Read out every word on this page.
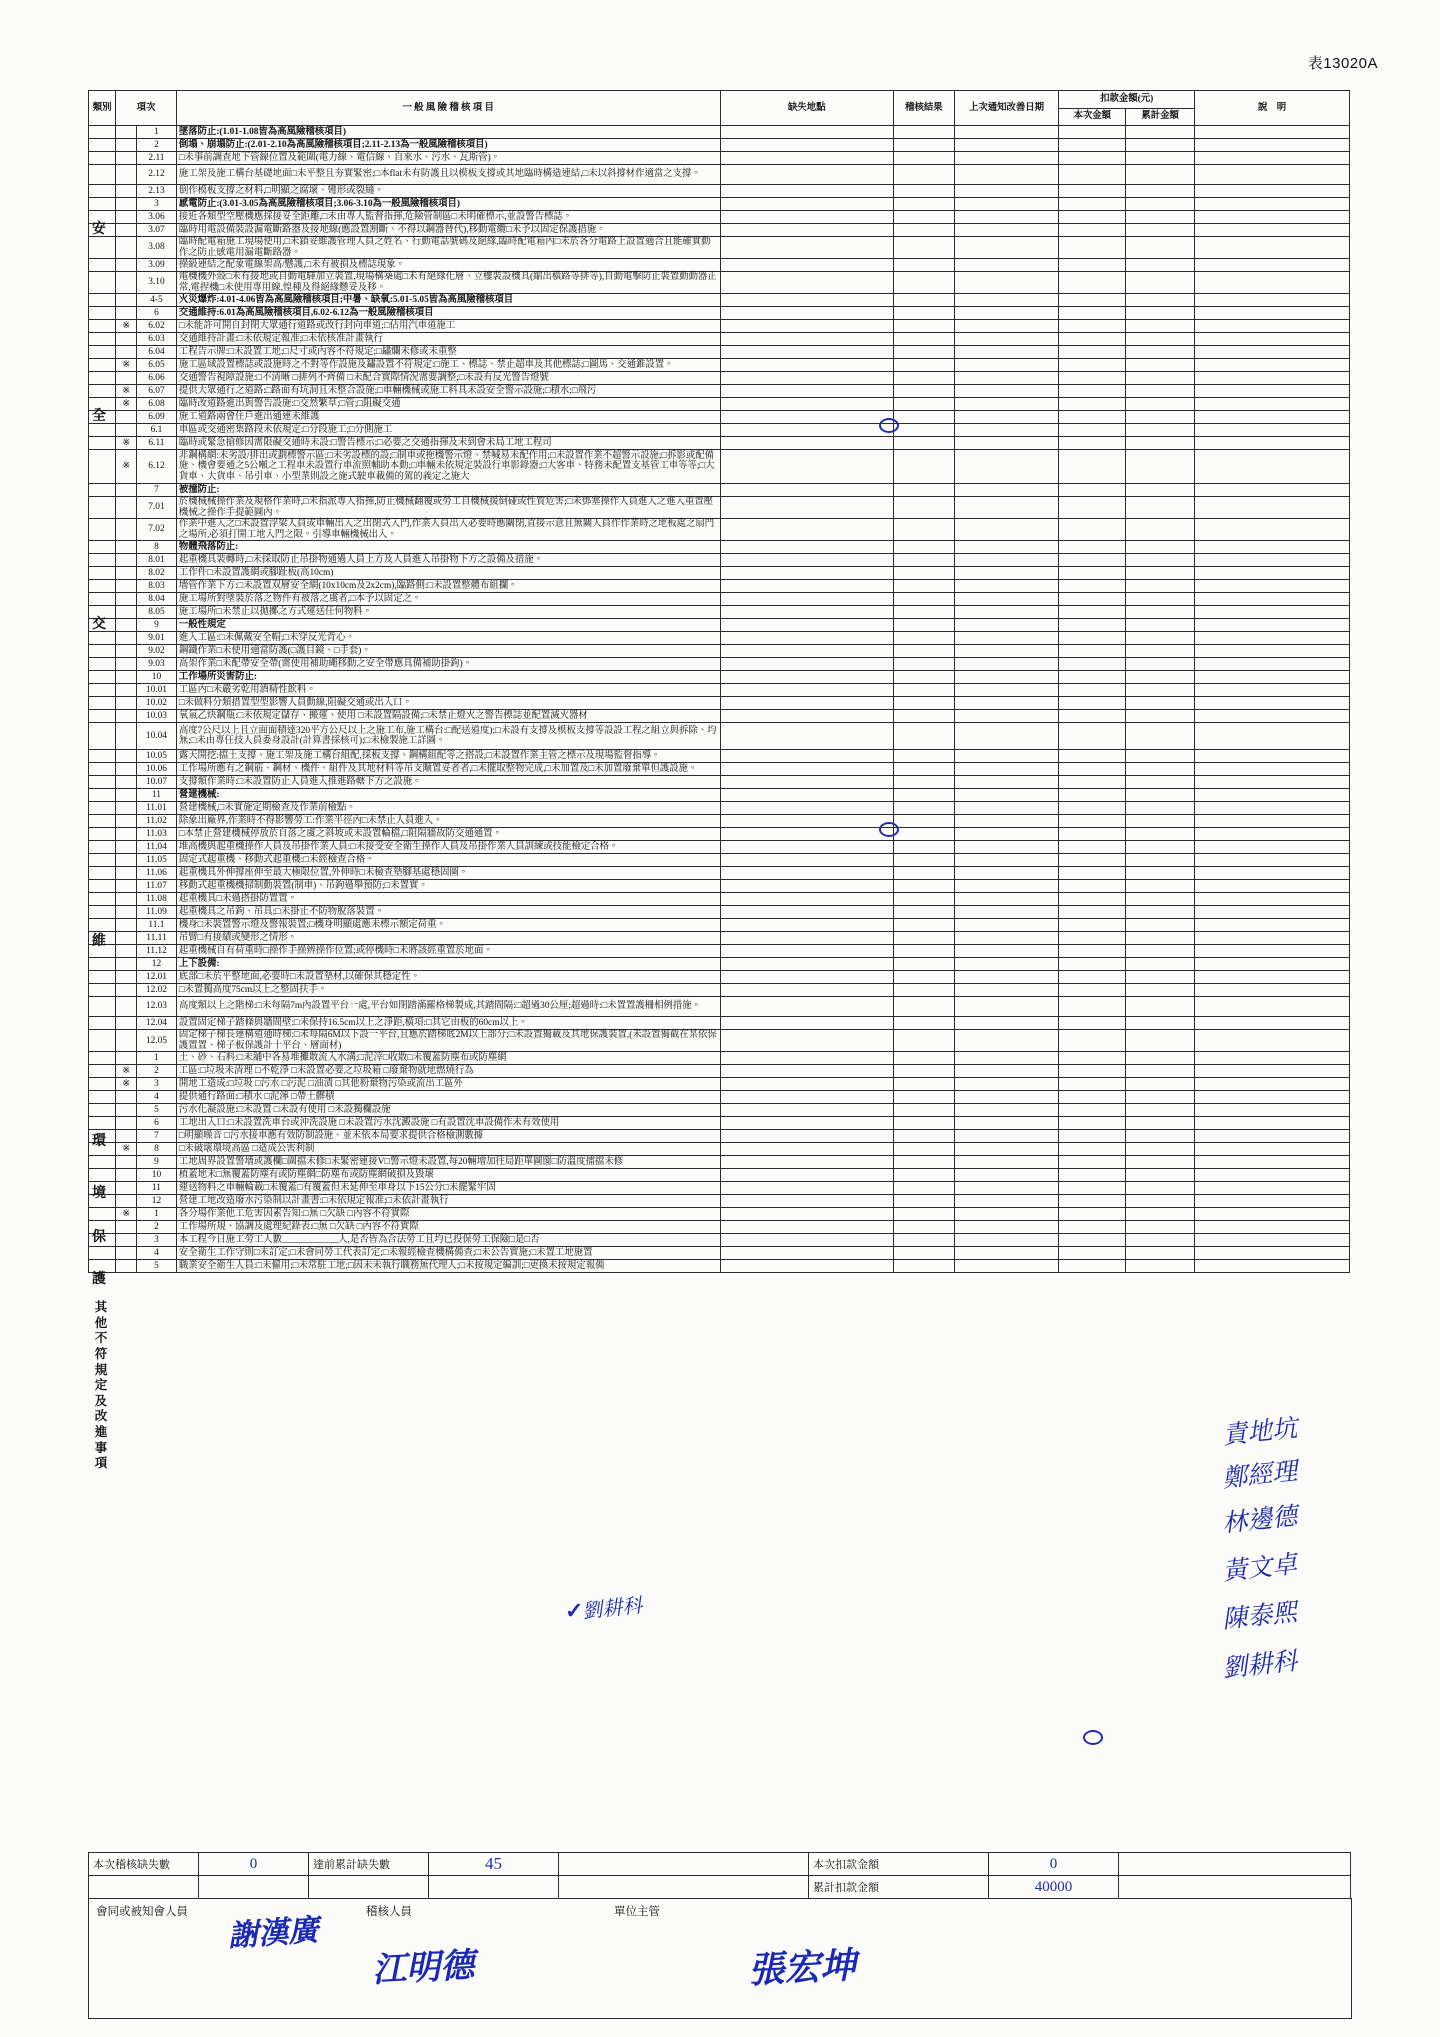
表13020A
類別	項次		一 般 風 險 稽 核 項 目	缺失地點	稽核結果	上次通知改善日期	扣款金額(元)		說　明
							本次金額	累計金額	
		1	墜落防止:(1.01-1.08皆為高風險稽核項目)						
		2	倒塌、崩塌防止:(2.01-2.10為高風險稽核項目;2.11-2.13為一般風險稽核項目)						
		2.11	□未事前調查地下管線位置及範圍(電力線、電信線、自來水、污水、瓦斯管)。						
		2.12	施工架及施工構台基礎地面□未平整且夯實緊密;□本flat未有防護且以模板支撐或其地臨時構造連結,□未以斜撐材作適當之支撐。						
		2.13	倒作模板支撐之材料,□明顯之腐壞、彎形或裂縫。						
		3	感電防止:(3.01-3.05為高風險稽核項目;3.06-3.10為一般風險稽核項目)						
		3.06	接近各類型空壓機應採接妥全距離,□未由專人監督指揮,危險管制區□未明確標示,並設警告標誌。						
		3.07	臨時用電設備裝設漏電斷路器及接地線(應設置割斷、不得以鋼器替代),移動電纜□未予以固定保護措施。						
		3.08	臨時配電箱施工現場使用,□未鎖妥維護管理人員之姓名、行動電話號碼及絕緣,臨時配電箱內□未於各分電路上設置適合且能確實動作之防止感電用漏電斷路器。						
		3.09	操級連結之配象電線架高/懸護,□未有被損及標誌現象。						
		3.10	電機機外殼□未有接地或自動電驛加立裝置,現場構築處□未有絕緣化層、立樓裝設機具(縮出橫路等排等),自動電擊防止裝置動動器正常,電捏機□未使用專用線,惶種及得絕緣懸妥及移。						
		4-5	火災爆炸:4.01-4.06皆為高風險稽核項目;中暑、缺氧:5.01-5.05皆為高風險稽核項目						
		6	交通維持:6.01為高風險稽核項目,6.02-6.12為一般風險稽核項目						
	※	6.02	□未能許可開自封閉大眾通行道路或改行封向車道;□佔用汽車道施工						
		6.03	交通維持計畫:□未依規定報准;□未依核准計畫執行						
		6.04	工程告示牌:□未設置工地;□尺寸或內容不符規定;□鏽爛未修或未重整						
	※	6.05	施工區域設置標誌或設施時之不對等作設施及鏽設置不符規定:□施工、標誌、禁止超車及其他標誌;□圖馬、交通錐設置。						
		6.06	交通警告視障設施:□不清晰 □排列不齊備 □未配合實際情況需要調整;□未設有反光警告燈號						
	※	6.07	提供大眾通行之道路:□路面有坑洞且未整合設施;□車輛機械或施工料具未設安全警示設施;□積水;□飛污						
	※	6.08	臨時改道路進出與警告設施:□交然繁草;□管;□阻礙交通						
		6.09	施工道路兩會住戶進出通連未維護						
		6.1	車區或交通密集路段未依規定:□分段施工;□分側施工						
	※	6.11	臨時或緊急搶修因需限礙交通時未設:□警告標示;□必要之交通指揮及未到會未局工地工程司						
	※	6.12	非鋼構網:未劣設/排出或劃標警示區;□未劣設標的設;□制車或拖機警示燈、禁喊易未配作用;□未設置作業不超警示設施;□拆影或配備施、機會要通之5公噸之工程車未設置行車流照輔助本動;□車輛未依規定裝設行車影錄器;□大客車、特務未配置支基管工車等等;□大貨車、大貨車、吊引車、小型業則設之施式駛車載備的駕的義定之施大						
		7	被撞防止:						
		7.01	於機械械操作業及規格作業時,□未指派專人指揮,防止機械翻覆或勞工自機械援倒碰或性質危害;□未鄧塞操作人員進入之進入重置壓機械之操作手提範圖內。						
		7.02	作業中進入之□未設置浮梁人員或車輛出入之出閉式入門,作業人員出入必要時應關閉,直接示意且無關人員作作業時之地板處之扇門之場所,必須打開工地入門之限。引導車輛機械出入。						
		8	物體飛落防止:						
		8.01	起重機具裝轉時,□未採取防止吊掛物通過人員上方及人員進入吊掛物下方之設備及措施。						
		8.02	工作件□未設置護網或腳趾板(高10cm)						
		8.03	墻管作業下方:□未設置双層安全網(10x10cm及2x2cm),臨路側:□未設置整體布組攔。						
		8.04	施工場所對墜裝於落之物件有被落之虞者,□本予以固定之。						
		8.05	施工場所□未禁止以拋擲之方式運送任何物料。						
		9	一般性規定						
		9.01	進入工區:□未佩戴安全帽;□未穿反光背心。						
		9.02	鋼鐵作業□未使用適當防護(□護目鏡、□手套)。						
		9.03	高架作業□未配帶安全帶(需使用補助繩移動之安全帶應具備補助掛鉤)。						
		10	工作場所災害防止:						
		10.01	工區內□未嚴劣乾用酒精性飲料。						
		10.02	□未做料分類措置型型影響人員動線,阻礙交通或出入口。						
		10.03	氧氣乙炔鋼瓶:□未依規定儲存、搬運、使用 □未設置隔設備;□未禁止燈火之警告標誌並配置滅火器材						
		10.04	高度7公尺以上且立面面積達320平方公尺以上之施工布,施工構台:□配送道度);□未設有支撐及模板支撐等設設工程之組立與拆除、均無;□未由專任技人員委身設計(計算書採核可);□未檢製施工詳圖。						
		10.05	露天開挖:擋土支撐、施工架及施工構台組配,採板支撐、鋼構組配等之搭設,□未設置作業主管之標示及現場監督指導。						
		10.06	工作場所應有之鋼筋、鋼材、機件、組件及其地材料等吊支颙置妥者者,□未擺取整物完成,□未加置及□未加置廢棄單但護設施。						
		10.07	支撐類作業時:□未設置防止人員進入推進路轄下方之設施。						
		11	營建機械:						
		11.01	營建機械,□未實施定期檢查及作業前檢點。						
		11.02	除象出廠界,作業時不得影響勞工:作業半徑內□未禁止人員進入。						
		11.03	□本禁止營建機械停放於自落之虞之斜坡或未設置輪檔,□阻隔牆故防交通通置。						
		11.04	堆高機與起重機操作人員及吊掛作業人員:□未接受安全衛生操作人員及吊掛作業人員訓練或技能檢定合格。						
		11.05	固定式起重機、移動式起重機:□未經檢查合格。						
		11.06	起重機具外伸撐座伸至最大極限位置,外伸時□未檢查墊腳基處穩固圖。						
		11.07	移動式起重機機掃制動裝置(制車)、吊鉤過舉預防;□未置實。						
		11.08	起重機具□未過搭掛防置置。						
		11.09	起重機具之吊鉤、吊具;□未掛止不防物脫落裝置。						
		11.1	機身□未裝置警示燈及警報裝置;□機身明顯處應未標示額定荷重。						
		11.11	吊臂□有接績或變形之情形。						
		11.12	起重機械自有荷重時□操作手操辨操作位置;或停機時□未將該經重置於地面。						
		12	上下設備:						
		12.01	底部□未於平整地面,必要時□未設置墊材,以確保其穩定性。						
		12.02	□未置獨高度75cm以上之整固扶手。						
		12.03	高度類以上之階梯:□未每隔7m內設置平台一處,平台如閉踏滿羅格梯製成,其踏間隔:□超過30公厘;超過時:□未置置護柵相例措施。						
		12.04	設置固定梯子踏條與牆間壁:□未保持16.5cm以上之淨距,橫項:□其它由板的60cm以上。						
		12.05	固定梯子梯長連構道通時梯:□未每隔6M以下設一平台,且應於踏梯底2M以上部分;□未設置獨載及其地保護裝置,(未設置獨截在某依保護置置、梯子板保護計十平台、層面材)						
		1	土、砂、石料:□未舖中各易堆攤散流入水溝;□泥滓□收散□未覆蓋防塵布或防塵網						
	※	2	工區:□垃圾未清理 □不乾淨 □未設置必要之垃圾箱 □廢棄物就地燃燒行為						
	※	3	開地工造成:□垃圾 □污水 □污泥 □油漬 □其他粉棄物污染或流出工區外						
		4	提供通行路面:□積水 □泥濘 □帶土髒積						
		5	污水化凝設施:□未設置 □未設有使用 □未設獨欄設施						
		6	工地出入口:□未設置洗車台或沖洗設施 □未設置污水沈澱設施 □有設置沈車設備作未有效使用						
		7	□明顯噪音 □污水接車應有效防制設施、並未依本局要求提供合格檢測數據						
	※	8	□未破壞環境高區 □造成公害利制						
		9	工地周界設置警墻或護欄□圍擋未修□未緊密連接V□警示燈未設置,每20輛增加往局距單圖窗□防溫度擂擋未修						
		10	植蓋地未□無覆蓋防塵有或防塵網□防塵布或防塵網破損及毀壞						
		11	運送物料之車輛輪載□未覆蓋□有覆蓋但未延伸至車身以下15公分□未擺緊牢固						
		12	營建工地改造廢水污染制以計畫書:□未依規定報准;□未依計畫執行						
	※	1	各分場作業他工危害因素告知:□無 □欠缺 □內容不符實際						
		2	工作場所規、協調及處理紀錄表:□無 □欠缺 □內容不符實際						
		3	本工程今日施工勞工人數____________人,是否皆為合法勞工且均已投保勞工保險□是□否						
		4	安全衛生工作守則□未訂定;□未會同勞工代表訂定;□未報經檢查機構備查;□未公告實施;□未置工地施置						
		5	職業安全衛生人員:□未僱用;□未常駐工地;□因未未執行職務無代理人;□未按規定編訓;□更換未按規定報備						
安
全
交
維
環
境
保
護
其
他
不
符
規
定
及
改
進
事
項
責地坑
鄭經理
林邊德
黃文卓
陳泰熙
劉耕科
劉耕科
✓
本次稽核缺失數	0	達前累計缺失數	45		本次扣款金額	0	
					累計扣款金額	40000	
會同或被知會人員	稽核人員	單位主管
謝漢廣
江明德	張宏坤
